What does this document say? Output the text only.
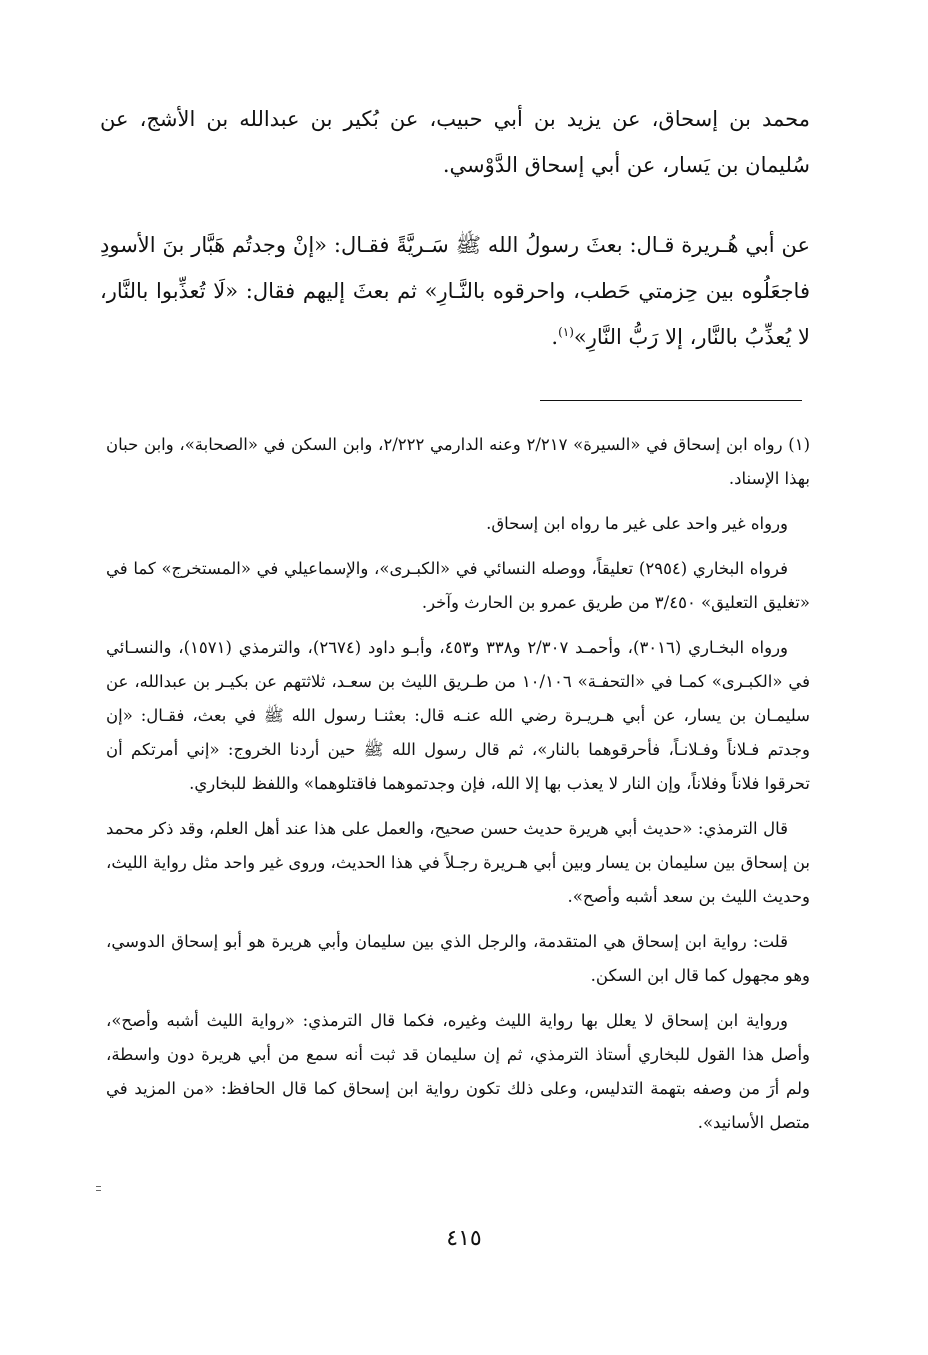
محمد بن إسحاق، عن يزيد بن أبي حبيب، عن بُكير بن عبدالله بن الأشج، عن سُليمان بن يَسار، عن أبي إسحاق الدَّوْسي.

عن أبي هُـريرة قـال: بعثَ رسولُ الله ﷺ سَـريَّةً فقـال: «إنْ وجدتُم هَبَّار بنَ الأسودِ فاجعَلُوه بين حِزمتي حَطب، واحرقوه بالنَّـارِ» ثم بعثَ إليهم فقال: «لَا تُعذِّبوا بالنَّار، لا يُعذِّبُ بالنَّار، إلا رَبُّ النَّارِ»$^{(١)}$.

(١) رواه ابن إسحاق في «السيرة» ٢/٢١٧ وعنه الدارمي ٢/٢٢٢، وابن السكن في «الصحابة»، وابن حبان بهذا الإسناد.

ورواه غير واحد على غير ما رواه ابن إسحاق.

فرواه البخاري (٢٩٥٤) تعليقاً، ووصله النسائي في «الكبـرى»، والإسماعيلي في «المستخرج» كما في «تغليق التعليق» ٣/٤٥٠ من طريق عمرو بن الحارث وآخر.

ورواه البخـاري (٣٠١٦)، وأحمـد ٢/٣٠٧ و٣٣٨ و٤٥٣، وأبـو داود (٢٦٧٤)، والترمذي (١٥٧١)، والنسـائي في «الكبـرى» كمـا في «التحفـة» ١٠/١٠٦ من طـريق الليث بن سعـد، ثلاثتهم عن بكيـر بن عبدالله، عن سليمـان بن يسار، عن أبي هـريـرة رضي الله عنـه قال: بعثنـا رسول الله ﷺ في بعث، فقـال: «إن وجدتم فـلاناً وفـلانـاً، فأحرقوهما بالنار»، ثم قال رسول الله ﷺ حين أردنا الخروج: «إني أمرتكم أن تحرقوا فلاناً وفلاناً، وإن النار لا يعذب بها إلا الله، فإن وجدتموهما فاقتلوهما» واللفظ للبخاري.

قال الترمذي: «حديث أبي هريرة حديث حسن صحيح، والعمل على هذا عند أهل العلم، وقد ذكر محمد بن إسحاق بين سليمان بن يسار وبين أبي هـريرة رجـلاً في هذا الحديث، وروى غير واحد مثل رواية الليث، وحديث الليث بن سعد أشبه وأصح».

قلت: رواية ابن إسحاق هي المتقدمة، والرجل الذي بين سليمان وأبي هريرة هو أبو إسحاق الدوسي، وهو مجهول كما قال ابن السكن.

ورواية ابن إسحاق لا يعلل بها رواية الليث وغيره، فكما قال الترمذي: «رواية الليث أشبه وأصح»، وأصل هذا القول للبخاري أستاذ الترمذي، ثم إن سليمان قد ثبت أنه سمع من أبي هريرة دون واسطة، ولم أرَ من وصفه بتهمة التدليس، وعلى ذلك تكون رواية ابن إسحاق كما قال الحافظ: «من المزيد في متصل الأسانيد».

٤١٥
